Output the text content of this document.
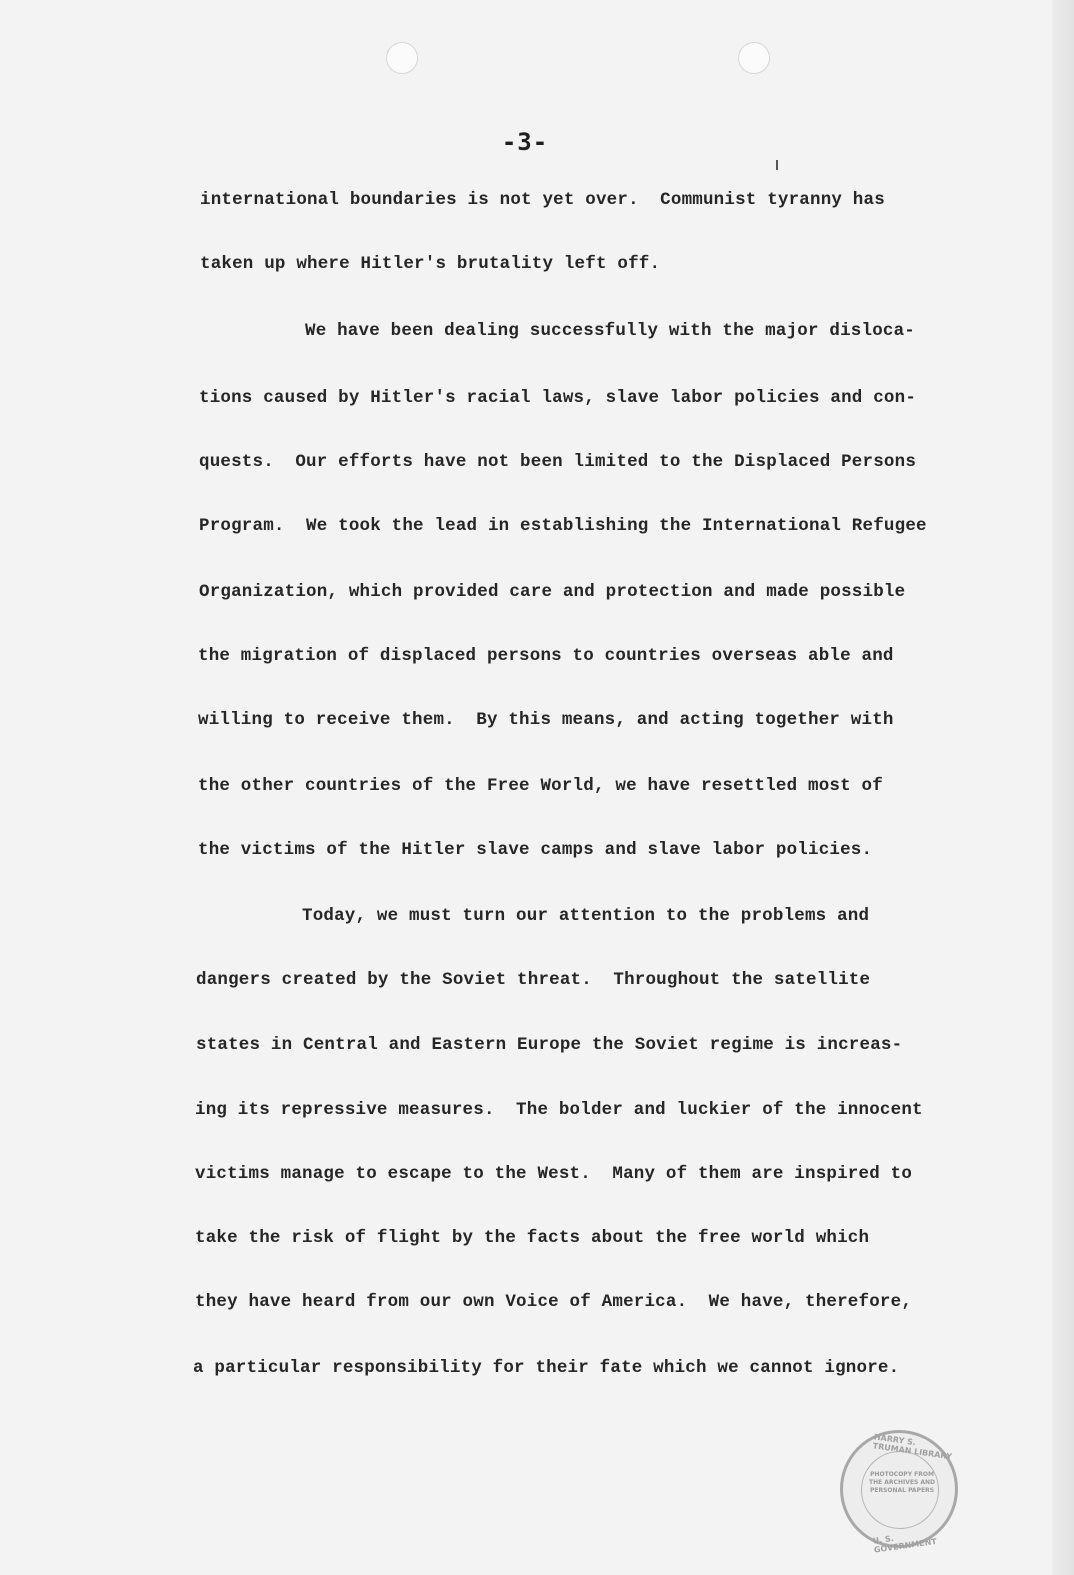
-3-
international boundaries is not yet over.  Communist tyranny has
taken up where Hitler's brutality left off.
We have been dealing successfully with the major disloca-
tions caused by Hitler's racial laws, slave labor policies and con-
quests.  Our efforts have not been limited to the Displaced Persons
Program.  We took the lead in establishing the International Refugee
Organization, which provided care and protection and made possible
the migration of displaced persons to countries overseas able and
willing to receive them.  By this means, and acting together with
the other countries of the Free World, we have resettled most of
the victims of the Hitler slave camps and slave labor policies.
Today, we must turn our attention to the problems and
dangers created by the Soviet threat.  Throughout the satellite
states in Central and Eastern Europe the Soviet regime is increas-
ing its repressive measures.  The bolder and luckier of the innocent
victims manage to escape to the West.  Many of them are inspired to
take the risk of flight by the facts about the free world which
they have heard from our own Voice of America.  We have, therefore,
a particular responsibility for their fate which we cannot ignore.
HARRY S. TRUMAN LIBRARY
PHOTOCOPY FROM THE ARCHIVES AND PERSONAL PAPERS
U. S. GOVERNMENT
